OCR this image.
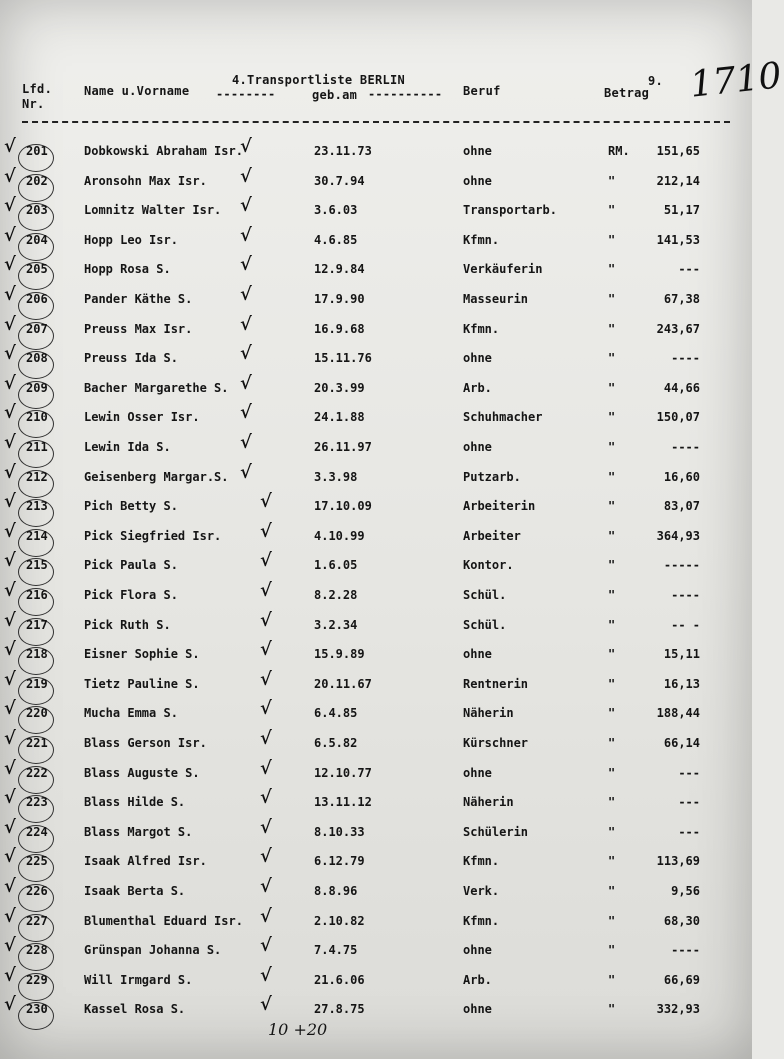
Lfd.
Nr.
Name u.Vorname
4.Transportliste BERLIN
--------	geb.am ---------- Beruf	Betrag
9. 1710
√ 201	Dobkowski Abraham Isr.	23.11.73	ohne	RM. 151,65
√
√ 202	Aronsohn Max Isr.	30.7.94	ohne	"	212,14
√
√ 203	Lomnitz Walter Isr.	3.6.03	Transportarb.	"	51,17
√
√ 204	Hopp Leo Isr.	4.6.85	Kfmn.	"	141,53
√
√ 205	Hopp Rosa S.	12.9.84	Verkäuferin	"	---
√
√ 206	Pander Käthe S.	17.9.90	Masseurin	"	67,38
√
√ 207	Preuss Max Isr.	16.9.68	Kfmn.	"	243,67
√
√ 208	Preuss Ida S.	15.11.76	ohne	"	----
√
√ 209	Bacher Margarethe S.	20.3.99	Arb.	"	44,66
√
√ 210	Lewin Osser Isr.	24.1.88	Schuhmacher	"	150,07
√
√ 211	Lewin Ida S.	26.11.97	ohne	"	----
√
√ 212	Geisenberg Margar.S.	3.3.98	Putzarb.	"	16,60
√
√ 213	Pich Betty S.	17.10.09	Arbeiterin	"	83,07
√
√ 214	Pick Siegfried Isr.	4.10.99	Arbeiter	"	364,93
√
√ 215	Pick Paula S.	1.6.05	Kontor.	"	-----
√
√ 216	Pick Flora S.	8.2.28	Schül.	"	----
√
√ 217	Pick Ruth S.	3.2.34	Schül.	"	-- -
√
√ 218	Eisner Sophie S.	15.9.89	ohne	"	15,11
√
√ 219	Tietz Pauline S.	20.11.67	Rentnerin	"	16,13
√
√ 220	Mucha Emma S.	6.4.85	Näherin	"	188,44
√
√ 221	Blass Gerson Isr.	6.5.82	Kürschner	"	66,14
√
√ 222	Blass Auguste S.	12.10.77	ohne	"	---
√
√ 223	Blass Hilde S.	13.11.12	Näherin	"	---
√
√ 224	Blass Margot S.	8.10.33	Schülerin	"	---
√
√ 225	Isaak Alfred Isr.	6.12.79	Kfmn.	"	113,69
√
√ 226	Isaak Berta S.	8.8.96	Verk.	"	9,56
√
√ 227	Blumenthal Eduard Isr.	2.10.82	Kfmn.	"	68,30
√
√ 228	Grünspan Johanna S.	7.4.75	ohne	"	----
√
√ 229	Will Irmgard S.	21.6.06	Arb.	"	66,69
√
√ 230	Kassel Rosa S.	27.8.75	ohne	"	332,93
√
10 +20
